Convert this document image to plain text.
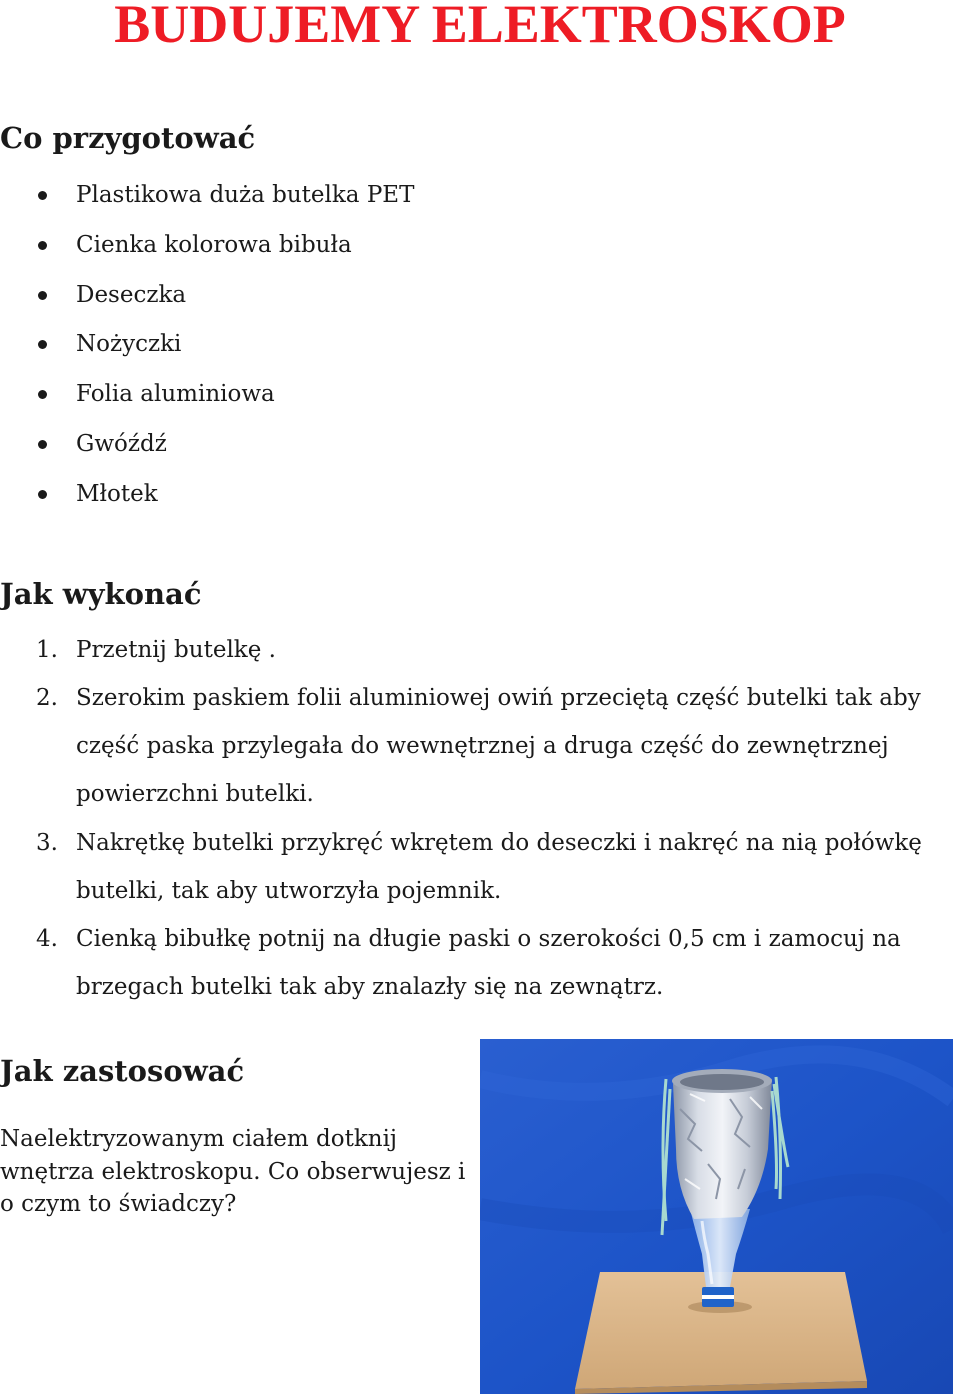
BUDUJEMY ELEKTROSKOP
Co przygotować
Plastikowa duża butelka PET
Cienka kolorowa bibuła
Deseczka
Nożyczki
Folia aluminiowa
Gwóźdź
Młotek
Jak wykonać
1. Przetnij butelkę .
2. Szerokim paskiem folii aluminiowej owiń przeciętą część butelki tak aby część paska przylegała do wewnętrznej a druga część do zewnętrznej powierzchni butelki.
3. Nakrętkę butelki przykręć wkrętem do deseczki i nakręć na nią połówkę butelki, tak aby utworzyła pojemnik.
4. Cienką bibułkę potnij na długie paski o szerokości 0,5 cm i zamocuj na brzegach butelki tak aby znalazły się na zewnątrz.
Jak zastosować

Naelektryzowanym ciałem dotknij wnętrza elektroskopu. Co obserwujesz i o czym to świadczy?
